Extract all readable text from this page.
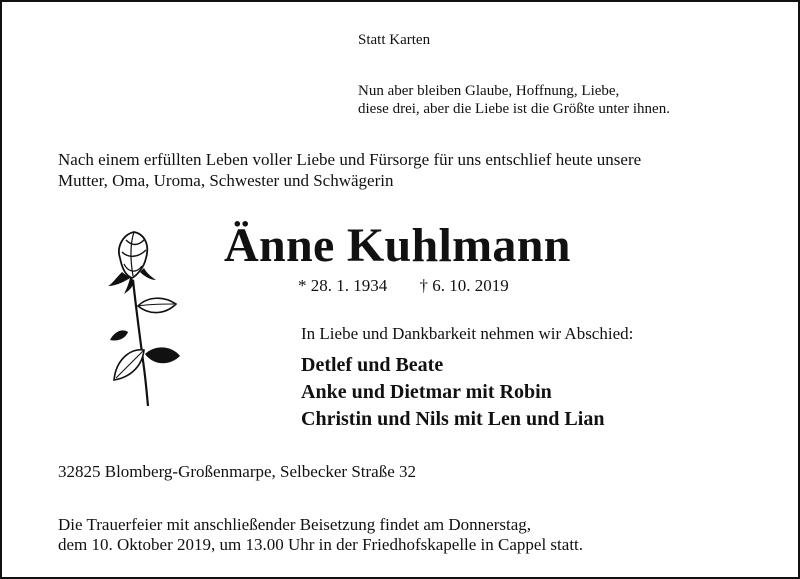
Statt Karten
Nun aber bleiben Glaube, Hoffnung, Liebe,
diese drei, aber die Liebe ist die Größte unter ihnen.
Nach einem erfüllten Leben voller Liebe und Fürsorge für uns entschlief heute unsere
Mutter, Oma, Uroma, Schwester und Schwägerin
Änne Kuhlmann
* 28. 1. 1934 † 6. 10. 2019
In Liebe und Dankbarkeit nehmen wir Abschied:
Detlef und Beate
Anke und Dietmar mit Robin
Christin und Nils mit Len und Lian
32825 Blomberg-Großenmarpe, Selbecker Straße 32
Die Trauerfeier mit anschließender Beisetzung findet am Donnerstag,
dem 10. Oktober 2019, um 13.00 Uhr in der Friedhofskapelle in Cappel statt.
